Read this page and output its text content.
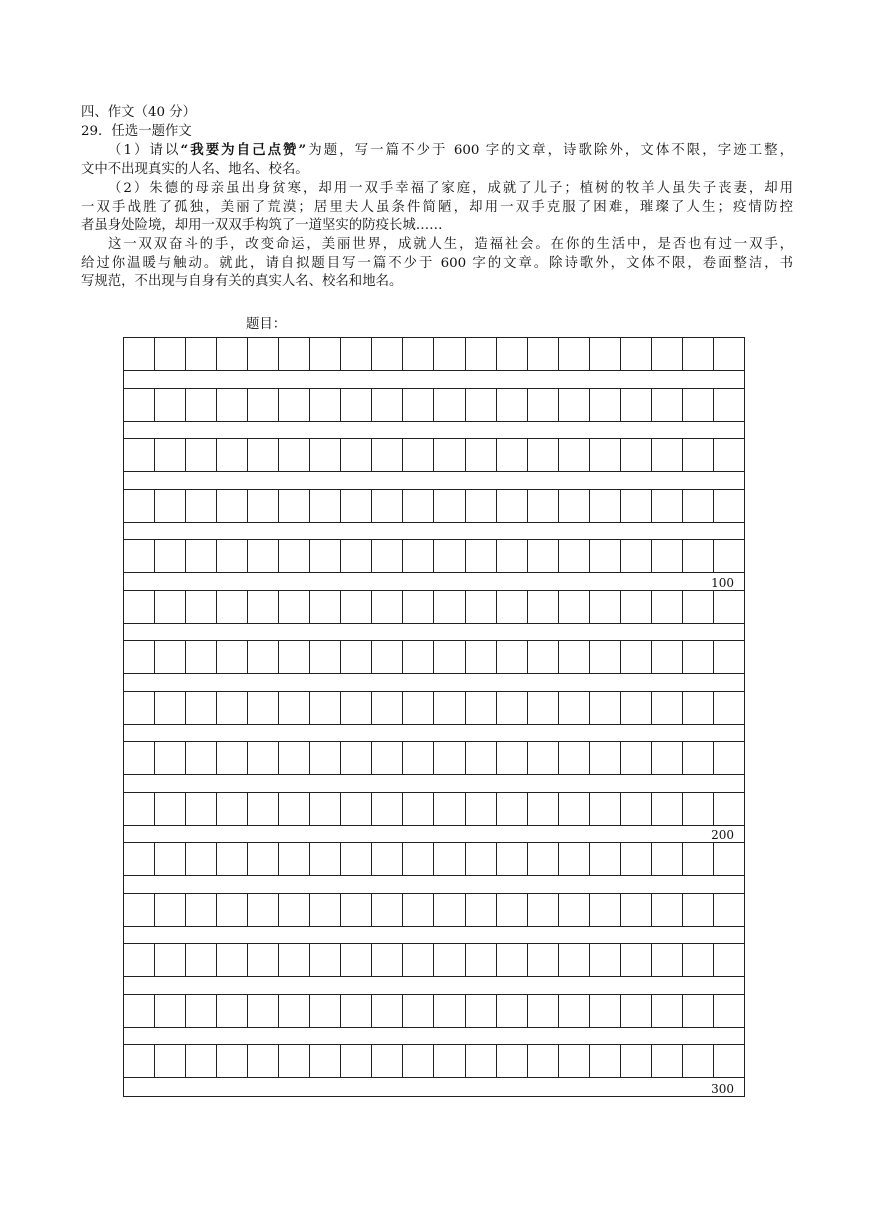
四、作文（40 分）
29．任选一题作文
（1）请以“我要为自己点赞”为题，写一篇不少于 600 字的文章，诗歌除外，文体不限，字迹工整，
文中不出现真实的人名、地名、校名。
（2）朱德的母亲虽出身贫寒，却用一双手幸福了家庭，成就了儿子；植树的牧羊人虽失子丧妻，却用
一双手战胜了孤独，美丽了荒漠；居里夫人虽条件简陋，却用一双手克服了困难，璀璨了人生；疫情防控
者虽身处险境，却用一双双手构筑了一道坚实的防疫长城……
这一双双奋斗的手，改变命运，美丽世界，成就人生，造福社会。在你的生活中，是否也有过一双手，
给过你温暖与触动。就此，请自拟题目写一篇不少于 600 字的文章。除诗歌外，文体不限，卷面整洁，书
写规范，不出现与自身有关的真实人名、校名和地名。
题目：
100
200
300
